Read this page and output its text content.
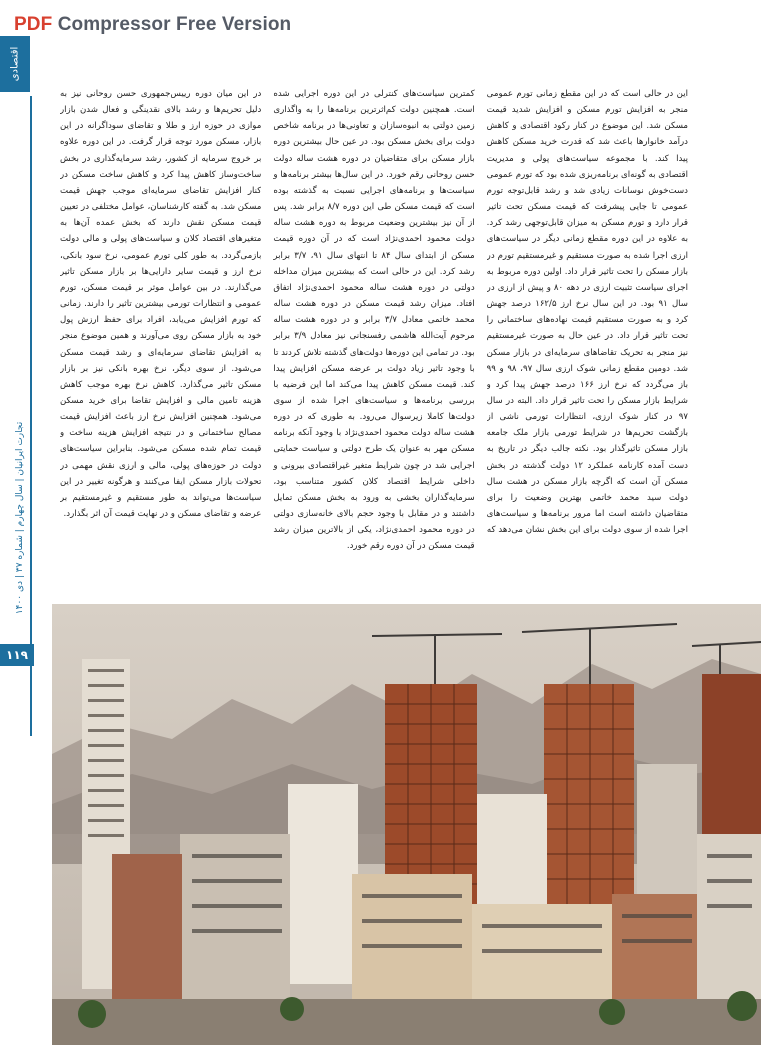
PDF Compressor Free Version
اقتصادی

این در حالی است که در این مقطع زمانی تورم عمومی منجر به افزایش تورم مسکن و افزایش شدید قیمت مسکن شد. این موضوع در کنار رکود اقتصادی و کاهش درآمد خانوارها باعث شد که قدرت خرید مسکن کاهش پیدا کند. با مجموعه سیاست‌های پولی و مدیریت اقتصادی به گونه‌ای برنامه‌ریزی شده بود که تورم عمومی دست‌خوش نوسانات زیادی شد و رشد قابل‌توجه تورم عمومی تا جایی پیشرفت که قیمت مسکن تحت تاثیر قرار دارد و تورم مسکن به میزان قابل‌توجهی رشد کرد. به علاوه در این دوره مقطع زمانی دیگر در سیاست‌های ارزی اجرا شده به صورت مستقیم و غیرمستقیم تورم در بازار مسکن را تحت تاثیر قرار داد. اولین دوره مربوط به اجرای سیاست تثبیت ارزی در دهه ۸۰ و پیش از ارزی در سال ۹۱ بود. در این سال نرخ ارز ۱۶۲/۵ درصد جهش کرد و به صورت مستقیم قیمت نهاده‌های ساختمانی را تحت تاثیر قرار داد. در عین حال به صورت غیرمستقیم نیز منجر به تحریک تقاضاهای سرمایه‌ای در بازار مسکن شد. دومین مقطع زمانی شوک ارزی سال ۹۷، ۹۸ و ۹۹ باز می‌گردد که نرخ ارز ۱۶۶ درصد جهش پیدا کرد و شرایط بازار مسکن را تحت تاثیر قرار داد. البته در سال ۹۷ در کنار شوک ارزی، انتظارات تورمی ناشی از بازگشت تحریم‌ها در شرایط تورمی بازار ملک جامعه بازار مسکن تاثیرگذار بود. نکته جالب دیگر در تاریخ به دست آمده کارنامه عملکرد ۱۲ دولت گذشته در بخش مسکن آن است که اگرچه بازار مسکن در هشت سال دولت سید محمد خاتمی بهترین وضعیت را برای متقاضیان داشته است اما مرور برنامه‌ها و سیاست‌های اجرا شده از سوی دولت برای این بخش نشان می‌دهد که

کمترین سیاست‌های کنترلی در این دوره اجرایی شده است. همچنین دولت کم‌اثرترین برنامه‌ها را به واگذاری زمین دولتی به انبوه‌سازان و تعاونی‌ها در برنامه شاخص دولت برای بخش مسکن بود. در عین حال بیشترین دوره بازار مسکن برای متقاضیان در دوره هشت ساله دولت حسن روحانی رقم خورد. در این سال‌ها بیشتر برنامه‌ها و سیاست‌ها و برنامه‌های اجرایی نسبت به گذشته بوده است که قیمت مسکن طی این دوره ۸/۷ برابر شد. پس از آن نیز بیشترین وضعیت مربوط به دوره هشت ساله دولت محمود احمدی‌نژاد است که در آن دوره قیمت مسکن از ابتدای سال ۸۴ تا انتهای سال ۹۱، ۳/۷ برابر رشد کرد. این در حالی است که بیشترین میزان مداخله دولتی در دوره هشت ساله محمود احمدی‌نژاد اتفاق افتاد. میزان رشد قیمت مسکن در دوره هشت ساله محمد خاتمی معادل ۳/۷ برابر و در دوره هشت ساله مرحوم آیت‌الله هاشمی رفسنجانی نیز معادل ۳/۹ برابر بود. در تمامی این دوره‌ها دولت‌های گذشته تلاش کردند تا با وجود تاثیر زیاد دولت بر عرضه مسکن افزایش پیدا کند. قیمت مسکن کاهش پیدا می‌کند اما این فرضیه با بررسی برنامه‌ها و سیاست‌های اجرا شده از سوی دولت‌ها کاملا زیرسوال می‌رود. به طوری که در دوره هشت ساله دولت محمود احمدی‌نژاد با وجود آنکه برنامه مسکن مهر به عنوان یک طرح دولتی و سیاست حمایتی اجرایی شد در چون شرایط متغیر غیراقتصادی بیرونی و داخلی شرایط اقتصاد کلان کشور متناسب بود، سرمایه‌گذاران بخشی به ورود به بخش مسکن تمایل داشتند و در مقابل با وجود حجم بالای خانه‌سازی دولتی در دوره محمود احمدی‌نژاد، یکی از بالاترین میزان رشد قیمت مسکن در آن دوره رقم خورد.

در این میان دوره رییس‌جمهوری حسن روحانی نیز به دلیل تحریم‌ها و رشد بالای نقدینگی و فعال شدن بازار موازی در حوزه ارز و طلا و تقاضای سوداگرانه در این بازار، مسکن مورد توجه قرار گرفت. در این دوره علاوه بر خروج سرمایه از کشور، رشد سرمایه‌گذاری در بخش ساخت‌وساز کاهش پیدا کرد و کاهش ساخت مسکن در کنار افزایش تقاضای سرمایه‌ای موجب جهش قیمت مسکن شد. به گفته کارشناسان، عوامل مختلفی در تعیین قیمت مسکن نقش دارند که بخش عمده آن‌ها به متغیرهای اقتصاد کلان و سیاست‌های پولی و مالی دولت بازمی‌گردد. به طور کلی تورم عمومی، نرخ سود بانکی، نرخ ارز و قیمت سایر دارایی‌ها بر بازار مسکن تاثیر می‌گذارند. در بین عوامل موثر بر قیمت مسکن، تورم عمومی و انتظارات تورمی بیشترین تاثیر را دارند. زمانی که تورم افزایش می‌یابد، افراد برای حفظ ارزش پول خود به بازار مسکن روی می‌آورند و همین موضوع منجر به افزایش تقاضای سرمایه‌ای و رشد قیمت مسکن می‌شود. از سوی دیگر، نرخ بهره بانکی نیز بر بازار مسکن تاثیر می‌گذارد. کاهش نرخ بهره موجب کاهش هزینه تامین مالی و افزایش تقاضا برای خرید مسکن می‌شود. همچنین افزایش نرخ ارز باعث افزایش قیمت مصالح ساختمانی و در نتیجه افزایش هزینه ساخت و قیمت تمام شده مسکن می‌شود. بنابراین سیاست‌های دولت در حوزه‌های پولی، مالی و ارزی نقش مهمی در تحولات بازار مسکن ایفا می‌کنند و هرگونه تغییر در این سیاست‌ها می‌تواند به طور مستقیم و غیرمستقیم بر عرضه و تقاضای مسکن و در نهایت قیمت آن اثر بگذارد.

تجارت ایرانیان | سال چهارم | شماره ۳۷ | دی ۱۴۰۰
۱۱۹
